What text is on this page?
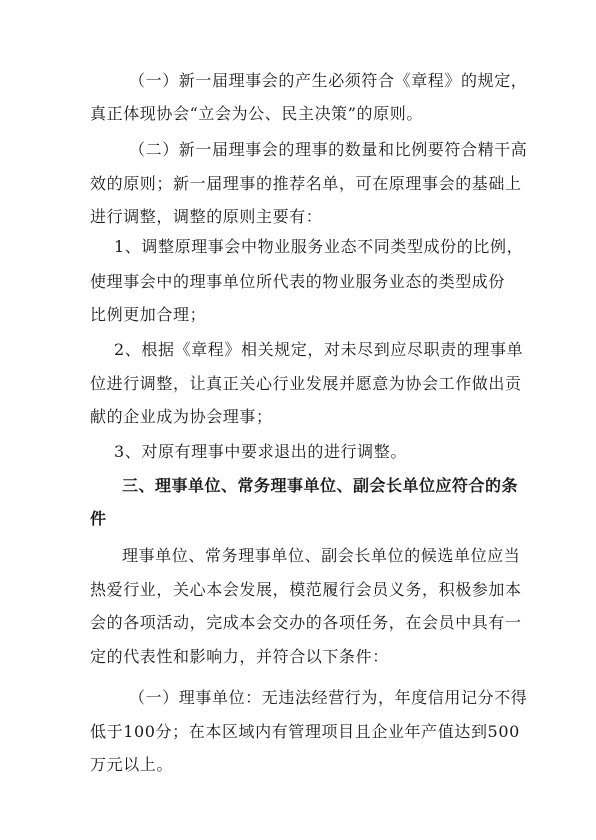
（一）新一届理事会的产生必须符合《章程》的规定，
真正体现协会“立会为公、民主决策”的原则。
（二）新一届理事会的理事的数量和比例要符合精干高
效的原则；新一届理事的推荐名单，可在原理事会的基础上
进行调整，调整的原则主要有：
1、调整原理事会中物业服务业态不同类型成份的比例，
使理事会中的理事单位所代表的物业服务业态的类型成份
比例更加合理；
2、根据《章程》相关规定，对未尽到应尽职责的理事单
位进行调整，让真正关心行业发展并愿意为协会工作做出贡
献的企业成为协会理事；
3、对原有理事中要求退出的进行调整。
三、理事单位、常务理事单位、副会长单位应符合的条
件
理事单位、常务理事单位、副会长单位的候选单位应当
热爱行业，关心本会发展，模范履行会员义务，积极参加本
会的各项活动，完成本会交办的各项任务，在会员中具有一
定的代表性和影响力，并符合以下条件：
（一）理事单位：无违法经营行为，年度信用记分不得
低于100分；在本区域内有管理项目且企业年产值达到500
万元以上。
